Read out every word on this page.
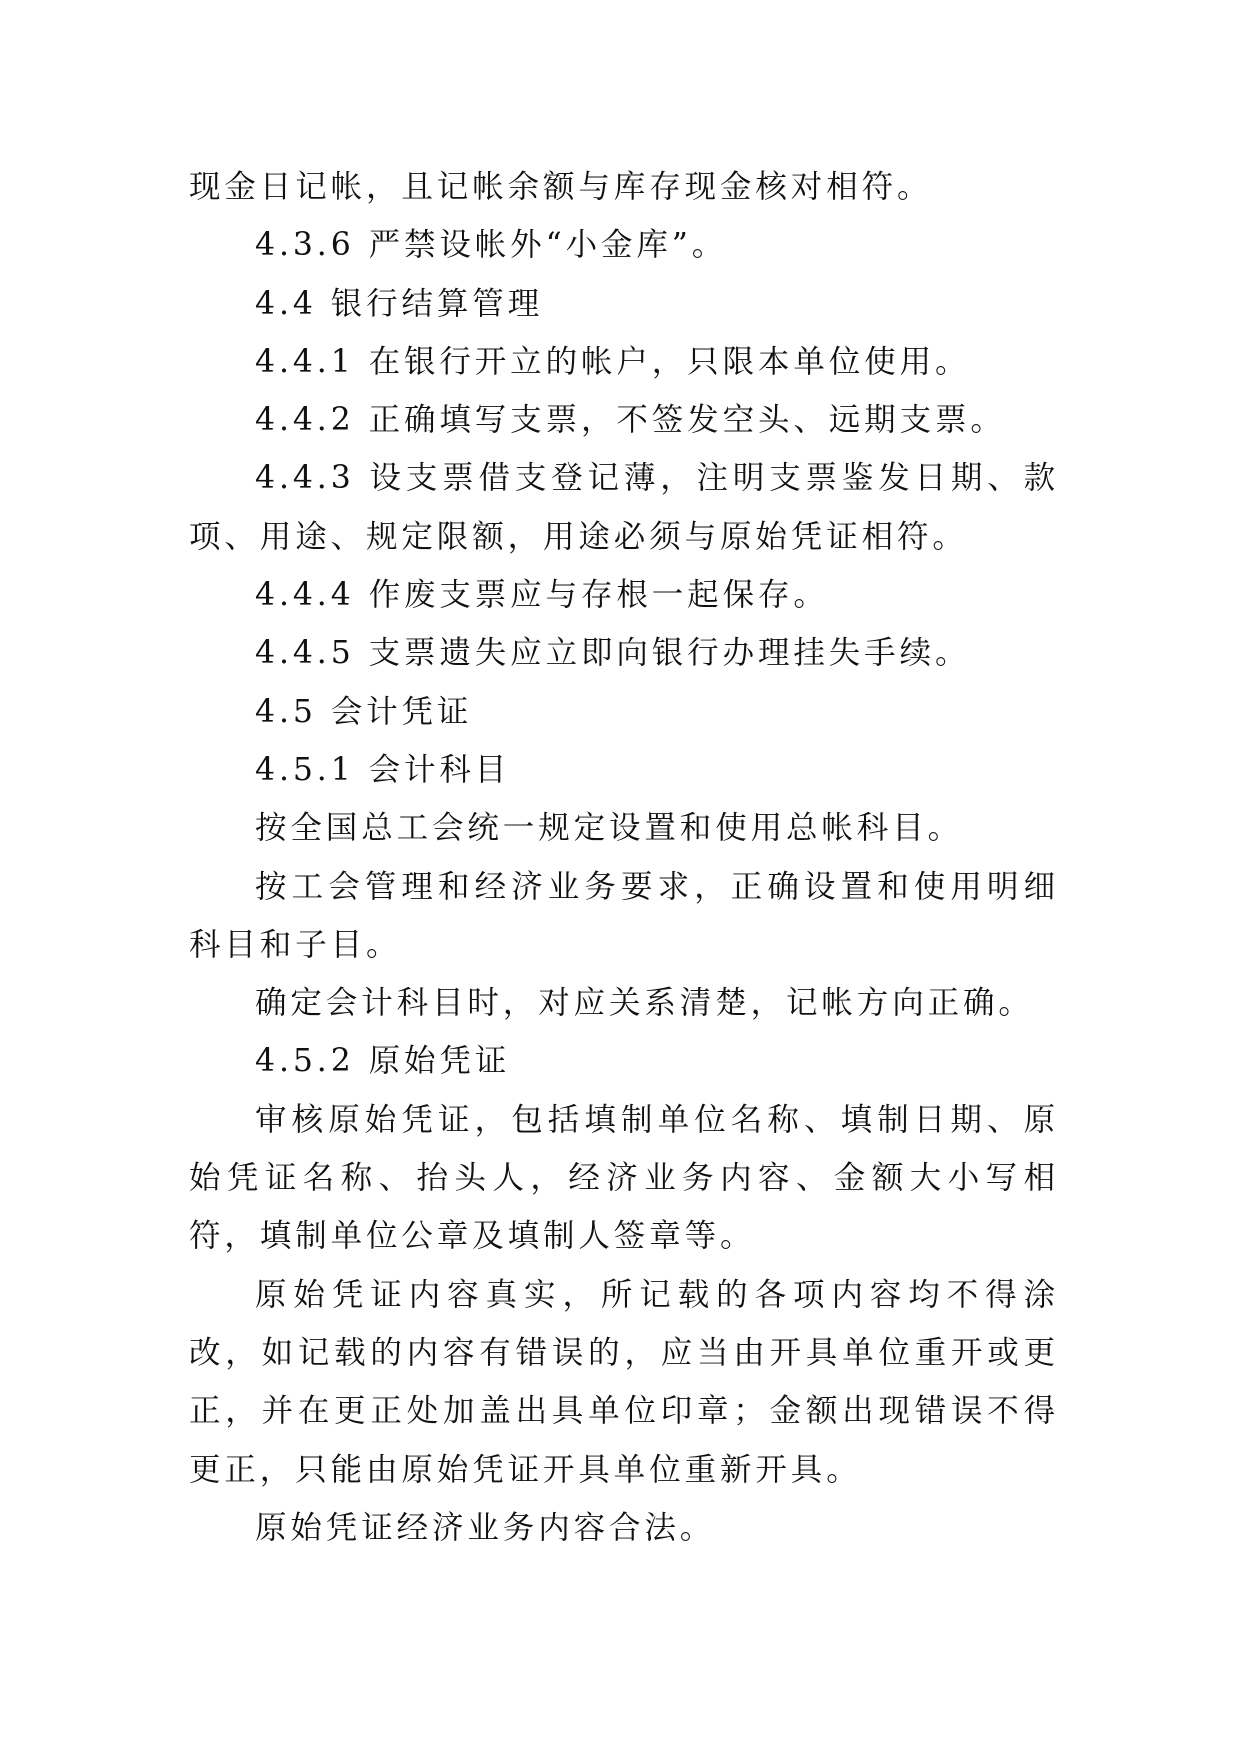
现金日记帐，且记帐余额与库存现金核对相符。

4.3.6 严禁设帐外“小金库”。

4.4 银行结算管理

4.4.1 在银行开立的帐户，只限本单位使用。

4.4.2 正确填写支票，不签发空头、远期支票。

4.4.3 设支票借支登记薄，注明支票鉴发日期、款项、用途、规定限额，用途必须与原始凭证相符。

4.4.4 作废支票应与存根一起保存。

4.4.5 支票遗失应立即向银行办理挂失手续。

4.5 会计凭证

4.5.1 会计科目

按全国总工会统一规定设置和使用总帐科目。

按工会管理和经济业务要求，正确设置和使用明细科目和子目。

确定会计科目时，对应关系清楚，记帐方向正确。

4.5.2 原始凭证

审核原始凭证，包括填制单位名称、填制日期、原始凭证名称、抬头人，经济业务内容、金额大小写相符，填制单位公章及填制人签章等。

原始凭证内容真实，所记载的各项内容均不得涂改，如记载的内容有错误的，应当由开具单位重开或更正，并在更正处加盖出具单位印章；金额出现错误不得更正，只能由原始凭证开具单位重新开具。

原始凭证经济业务内容合法。
